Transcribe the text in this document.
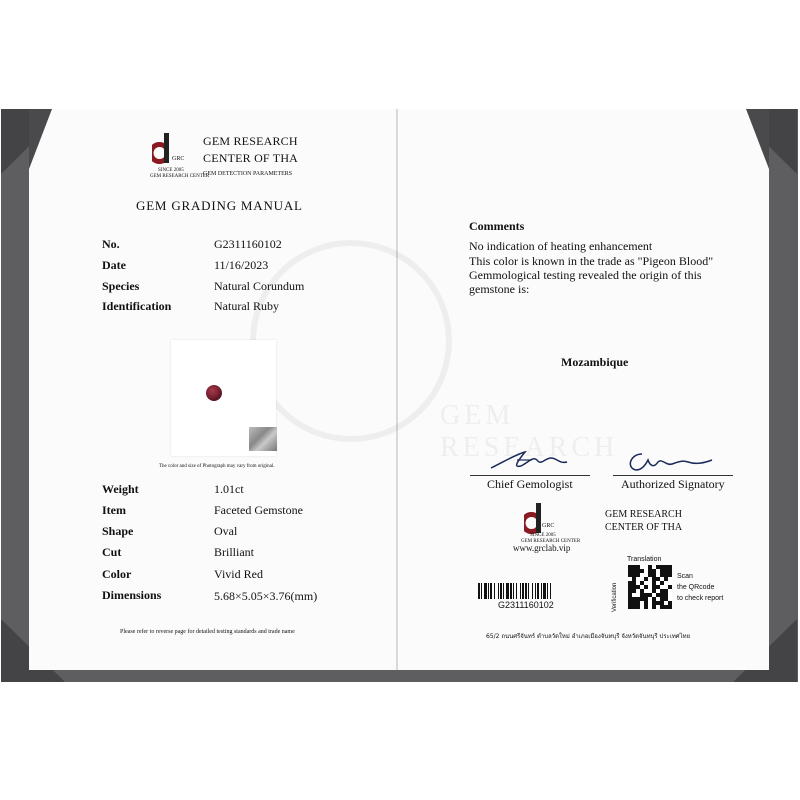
GRC
SINCE 2005
GEM RESEARCH CENTER
GEM RESEARCH
CENTER OF THA
GEM DETECTION PARAMETERS
GEM GRADING MANUAL
No.	G2311160102
Date	11/16/2023
Species	Natural Corundum
Identification	Natural Ruby
The color and size of Photograph may vary from original.
Weight	1.01ct
Item	Faceted Gemstone
Shape	Oval
Cut	Brilliant
Color	Vivid Red
Dimensions	5.68×5.05×3.76(mm)
Please refer to reverse page for detailed testing standards and trade name
GEM RESEARCH
Comments
No indication of heating enhancement
This color is known in the trade as "Pigeon Blood"
Gemmological testing revealed the origin of this
gemstone is:
Mozambique
Chief Gemologist	Authorized Signatory
GRC
SINCE 2005
GEM RESEARCH CENTER
www.grclab.vip
GEM RESEARCH
CENTER OF THA
G2311160102
Translation
Verification
Scan
the QRcode
to check report
65/2 ถนนศรีจันทร์ ตำบลวัดใหม่ อำเภอเมืองจันทบุรี จังหวัดจันทบุรี ประเทศไทย
